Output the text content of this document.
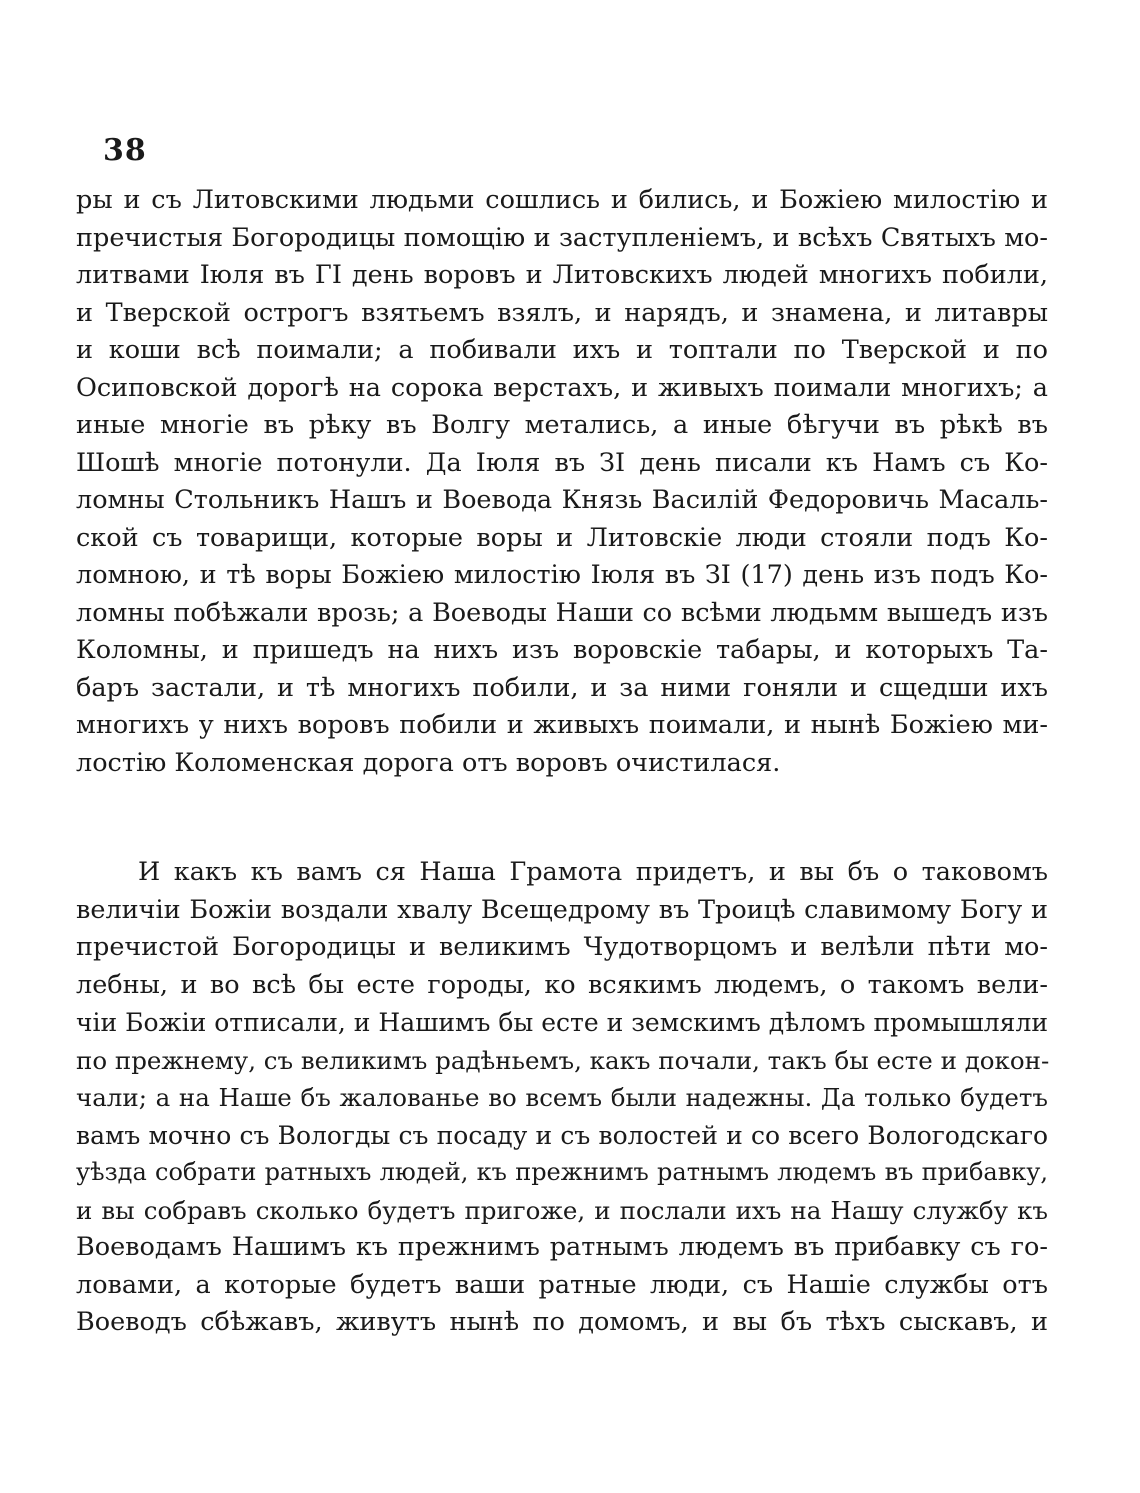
38
ры и съ Литовскими людьми сошлись и бились, и Божіею милостію и
пречистыя Богородицы помощію и заступленіемъ, и всѣхъ Святыхъ мо-
литвами Іюля въ ГІ день воровъ и Литовскихъ людей многихъ побили,
и Тверской острогъ взятьемъ взялъ, и нарядъ, и знамена, и литавры
и коши всѣ поимали; а побивали ихъ и топтали по Тверской и по
Осиповской дорогѣ на сорока верстахъ, и живыхъ поимали многихъ; а
иные многіе въ рѣку въ Волгу метались, а иные бѣгучи въ рѣкѣ въ
Шошѣ многіе потонули. Да Іюля въ ЗІ день писали къ Намъ съ Ко-
ломны Стольникъ Нашъ и Воевода Князь Василій Федоровичь Масаль-
ской съ товарищи, которые воры и Литовскіе люди стояли подъ Ко-
ломною, и тѣ воры Божіею милостію Іюля въ ЗІ (17) день изъ подъ Ко-
ломны побѣжали врозь; а Воеводы Наши со всѣми людьмм вышедъ изъ
Коломны, и пришедъ на нихъ изъ воровскіе табары, и которыхъ Та-
баръ застали, и тѣ многихъ побили, и за ними гоняли и сщедши ихъ
многихъ у нихъ воровъ побили и живыхъ поимали, и нынѣ Божіею ми-
лостію Коломенская дорога отъ воровъ очистилася.
И какъ къ вамъ ся Наша Грамота придетъ, и вы бъ о таковомъ
величіи Божіи воздали хвалу Всещедрому въ Троицѣ славимому Богу и
пречистой Богородицы и великимъ Чудотворцомъ и велѣли пѣти мо-
лебны, и во всѣ бы есте городы, ко всякимъ людемъ, о такомъ вели-
чіи Божіи отписали, и Нашимъ бы есте и земскимъ дѣломъ промышляли
по прежнему, съ великимъ радѣньемъ, какъ почали, такъ бы есте и докон-
чали; а на Наше бъ жалованье во всемъ были надежны. Да только будетъ
вамъ мочно съ Вологды съ посаду и съ волостей и со всего Вологодскаго
уѣзда собрати ратныхъ людей, къ прежнимъ ратнымъ людемъ въ прибавку,
и вы собравъ сколько будетъ пригоже, и послали ихъ на Нашу службу къ
Воеводамъ Нашимъ къ прежнимъ ратнымъ людемъ въ прибавку съ го-
ловами, а которые будетъ ваши ратные люди, съ Нашіе службы отъ
Воеводъ сбѣжавъ, живутъ нынѣ по домомъ, и вы бъ тѣхъ сыскавъ, и
